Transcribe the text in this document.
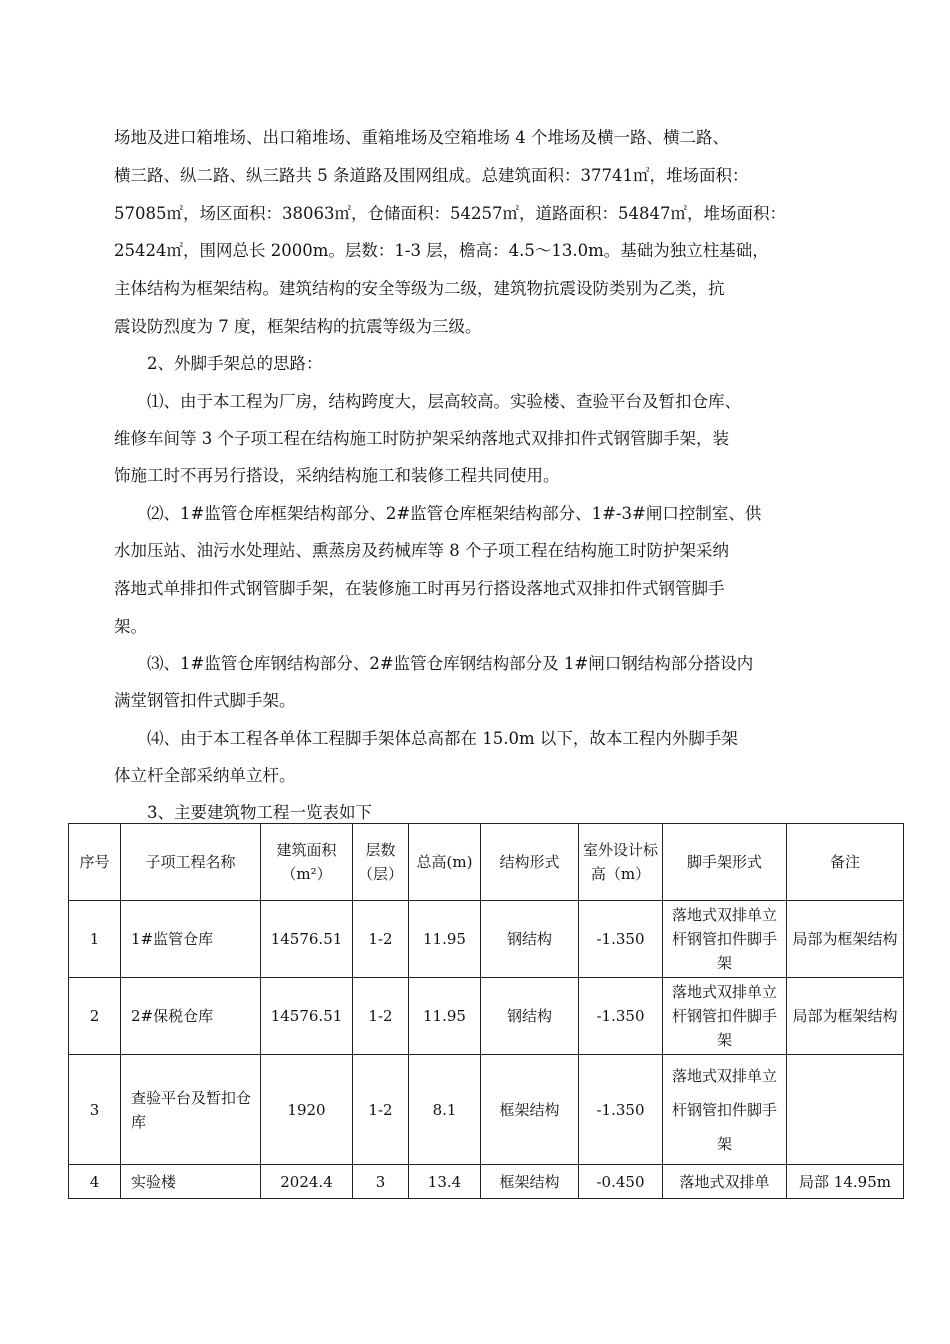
场地及进口箱堆场、出口箱堆场、重箱堆场及空箱堆场 4 个堆场及横一路、横二路、
横三路、纵二路、纵三路共 5 条道路及围网组成。总建筑面积：37741㎡，堆场面积：
57085㎡，场区面积：38063㎡，仓储面积：54257㎡，道路面积：54847㎡，堆场面积：
25424㎡，围网总长 2000m。层数：1-3 层，檐高：4.5～13.0m。基础为独立柱基础，
主体结构为框架结构。建筑结构的安全等级为二级，建筑物抗震设防类别为乙类，抗
震设防烈度为 7 度，框架结构的抗震等级为三级。
2、外脚手架总的思路：
⑴、由于本工程为厂房，结构跨度大，层高较高。实验楼、查验平台及暂扣仓库、
维修车间等 3 个子项工程在结构施工时防护架采纳落地式双排扣件式钢管脚手架，装
饰施工时不再另行搭设，采纳结构施工和装修工程共同使用。
⑵、1#监管仓库框架结构部分、2#监管仓库框架结构部分、1#-3#闸口控制室、供
水加压站、油污水处理站、熏蒸房及药械库等 8 个子项工程在结构施工时防护架采纳
落地式单排扣件式钢管脚手架，在装修施工时再另行搭设落地式双排扣件式钢管脚手
架。
⑶、1#监管仓库钢结构部分、2#监管仓库钢结构部分及 1#闸口钢结构部分搭设内
满堂钢管扣件式脚手架。
⑷、由于本工程各单体工程脚手架体总高都在 15.0m 以下，故本工程内外脚手架
体立杆全部采纳单立杆。
3、主要建筑物工程一览表如下
序号	子项工程名称	建筑面积（m²）	层数（层）	总高(m)	结构形式	室外设计标高（m）	脚手架形式	备注
1	1#监管仓库	14576.51	1-2	11.95	钢结构	-1.350	落地式双排单立杆钢管扣件脚手架	局部为框架结构
2	2#保税仓库	14576.51	1-2	11.95	钢结构	-1.350	落地式双排单立杆钢管扣件脚手架	局部为框架结构
3	查验平台及暂扣仓库	1920	1-2	8.1	框架结构	-1.350	落地式双排单立杆钢管扣件脚手架	
4	实验楼	2024.4	3	13.4	框架结构	-0.450	落地式双排单	局部 14.95m
